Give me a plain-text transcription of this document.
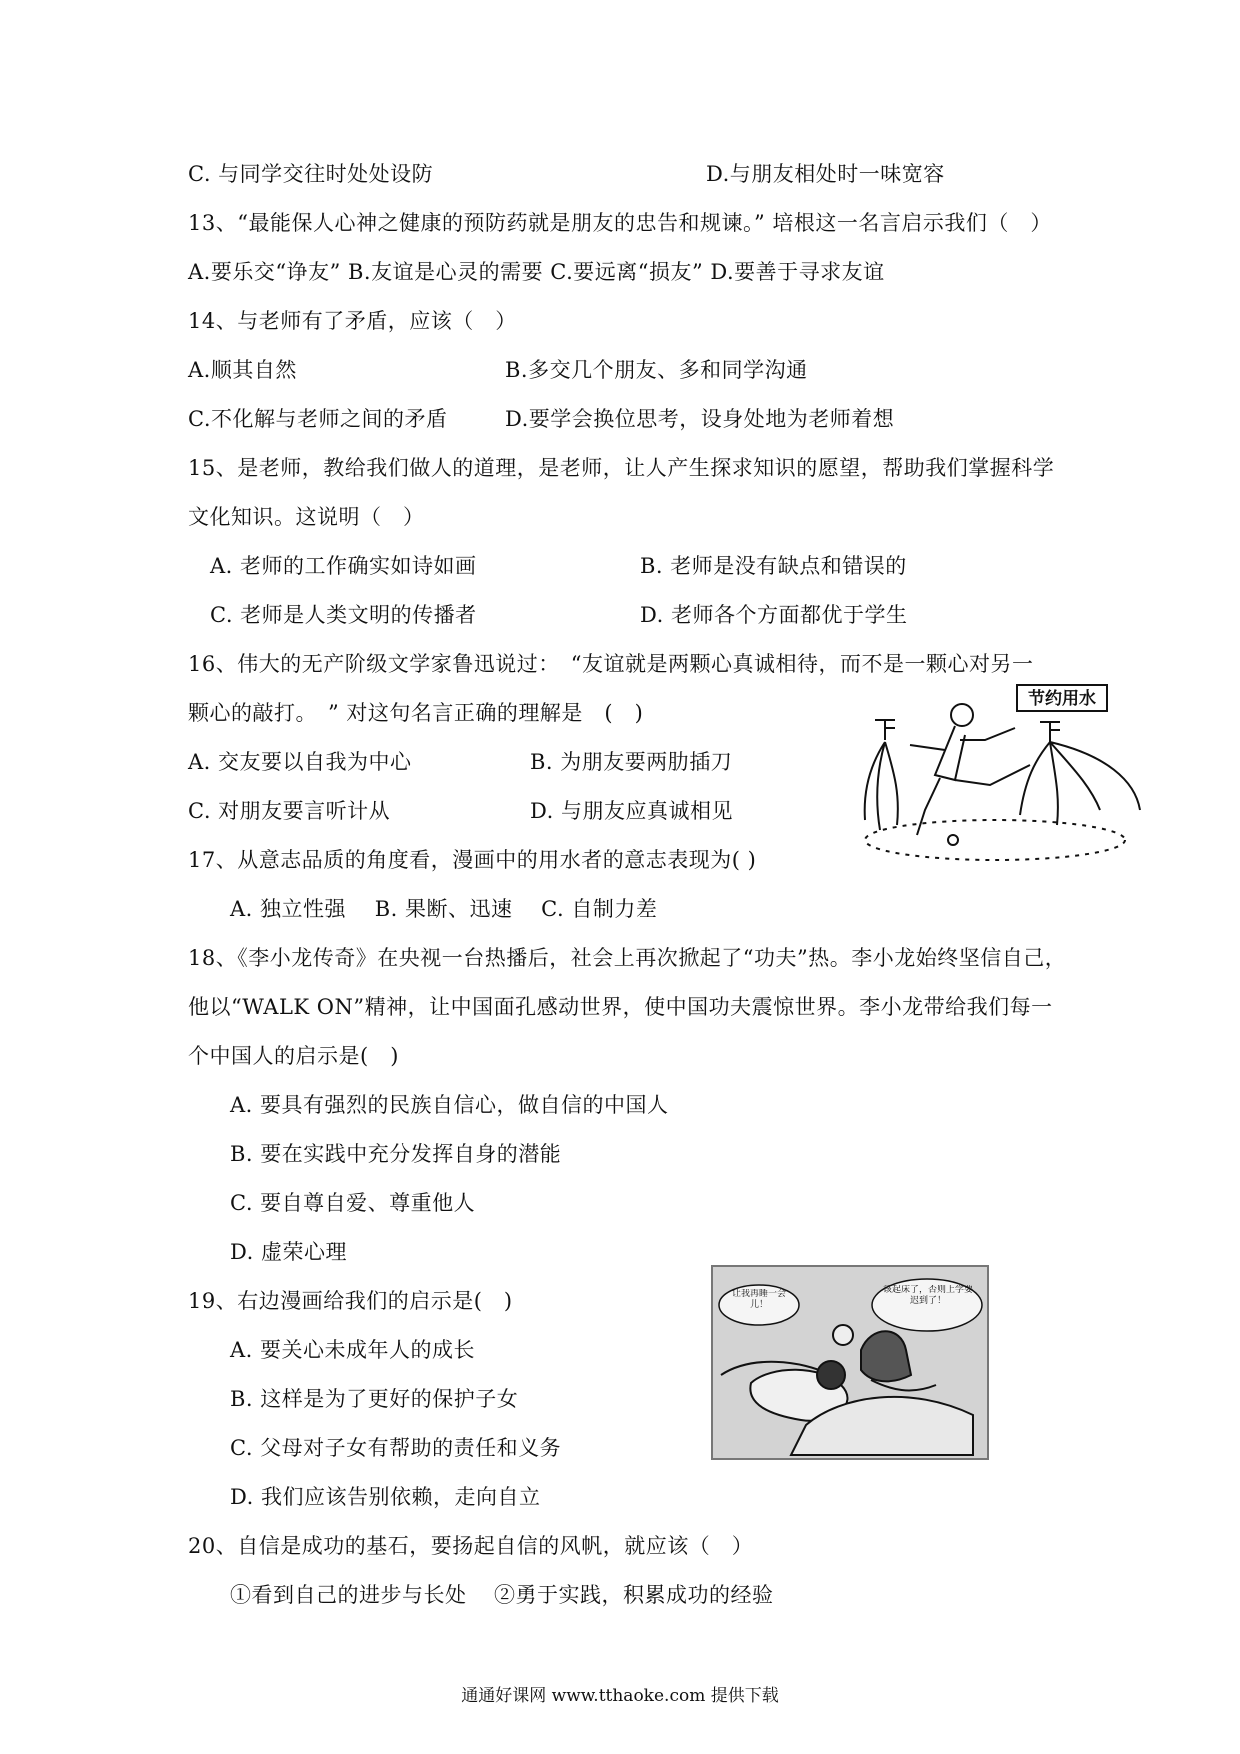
C. 与同学交往时处处设防	D.与朋友相处时一味宽容
13、“最能保人心神之健康的预防药就是朋友的忠告和规谏。” 培根这一名言启示我们（　）
A.要乐交“诤友” B.友谊是心灵的需要 C.要远离“损友” D.要善于寻求友谊
14、与老师有了矛盾，应该（　）
A.顺其自然	B.多交几个朋友、多和同学沟通
C.不化解与老师之间的矛盾	D.要学会换位思考，设身处地为老师着想
15、是老师，教给我们做人的道理，是老师，让人产生探求知识的愿望，帮助我们掌握科学
文化知识。这说明（　）
A. 老师的工作确实如诗如画	B. 老师是没有缺点和错误的
C. 老师是人类文明的传播者	D. 老师各个方面都优于学生
16、伟大的无产阶级文学家鲁迅说过：　“友谊就是两颗心真诚相待，而不是一颗心对另一
颗心的敲打。　” 对这句名言正确的理解是　(　)
A. 交友要以自我为中心	B. 为朋友要两肋插刀
C. 对朋友要言听计从	D. 与朋友应真诚相见
17、从意志品质的角度看，漫画中的用水者的意志表现为( )
A. 独立性强　 B. 果断、迅速　 C. 自制力差
18、《李小龙传奇》在央视一台热播后，社会上再次掀起了“功夫”热。李小龙始终坚信自己，
他以“WALK ON”精神，让中国面孔感动世界，使中国功夫震惊世界。李小龙带给我们每一
个中国人的启示是(　)
A. 要具有强烈的民族自信心，做自信的中国人
B. 要在实践中充分发挥自身的潜能
C. 要自尊自爱、尊重他人
D. 虚荣心理
19、右边漫画给我们的启示是(　)
A. 要关心未成年人的成长
B. 这样是为了更好的保护子女
C. 父母对子女有帮助的责任和义务
D. 我们应该告别依赖，走向自立
20、自信是成功的基石，要扬起自信的风帆，就应该（　）
①看到自己的进步与长处 ②勇于实践，积累成功的经验
节约用水
让我再睡一会儿！
该起床了，否则上学要迟到了！
通通好课网 www.tthaoke.com 提供下载
